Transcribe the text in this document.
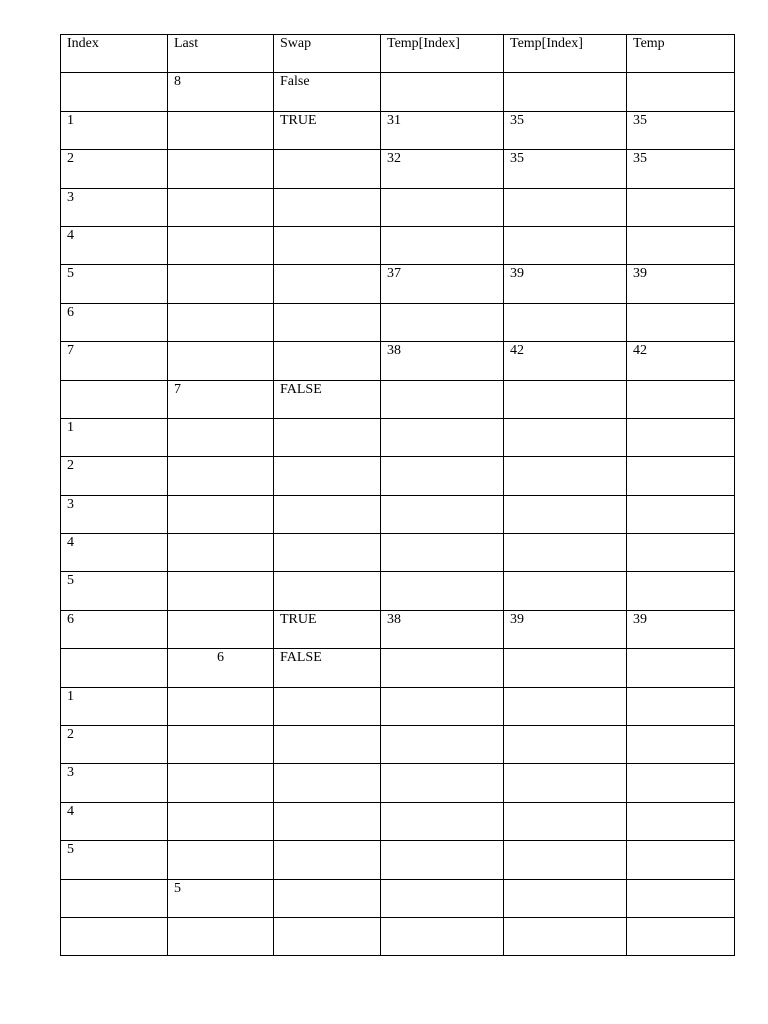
Index	Last	Swap	Temp[Index]	Temp[Index]	Temp

	8	False			

1		TRUE	31	35	35

2			32	35	35

3					

4					

5			37	39	39

6					

7			38	42	42

	7	FALSE			

1					

2					

3					

4					

5					

6		TRUE	38	39	39

	6	FALSE			

1					

2					

3					

4					

5					

	5				
